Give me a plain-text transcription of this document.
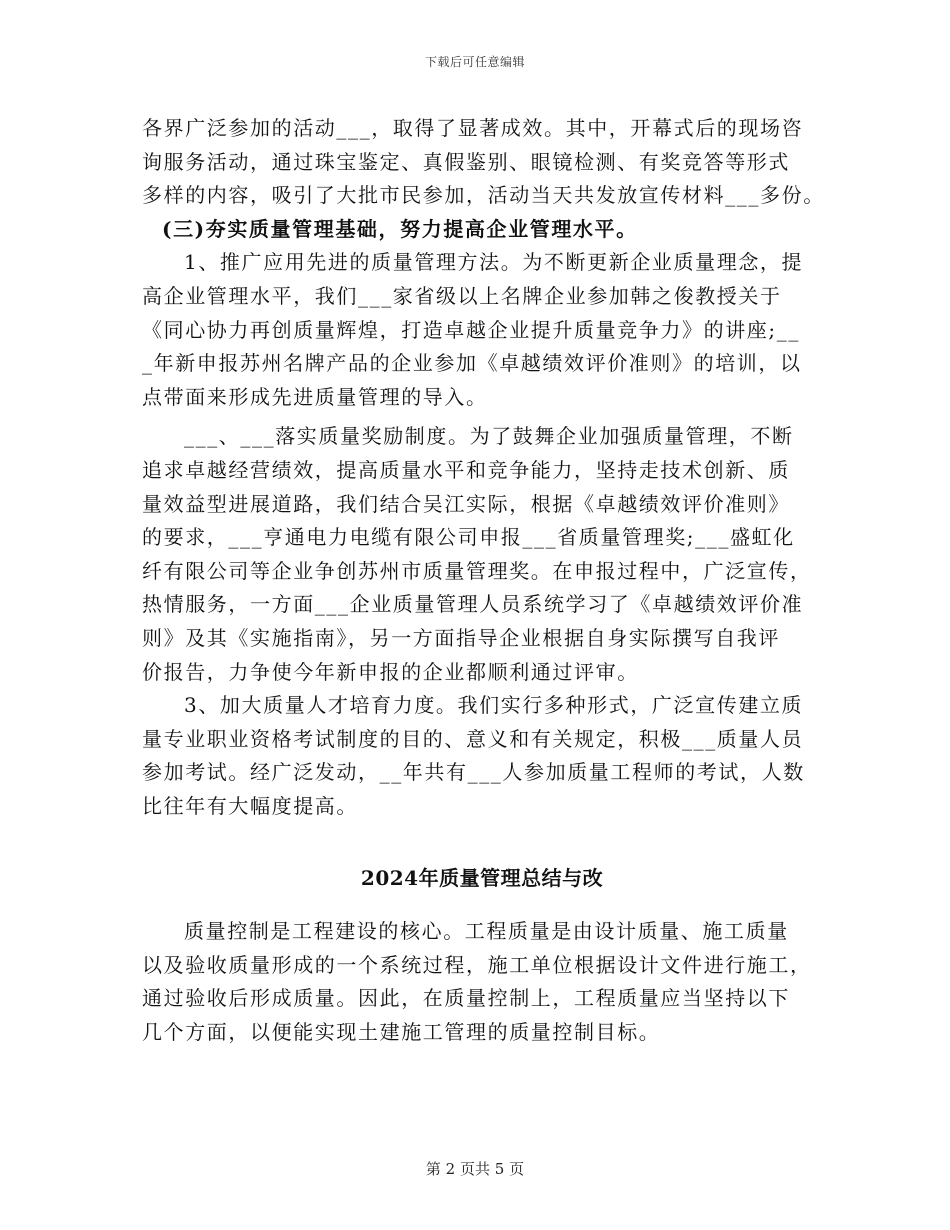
下载后可任意编辑
各界广泛参加的活动___，取得了显著成效。其中，开幕式后的现场咨
询服务活动，通过珠宝鉴定、真假鉴别、眼镜检测、有奖竞答等形式
多样的内容，吸引了大批市民参加，活动当天共发放宣传材料___多份。
(三)夯实质量管理基础，努力提高企业管理水平。
1、推广应用先进的质量管理方法。为不断更新企业质量理念，提
高企业管理水平，我们___家省级以上名牌企业参加韩之俊教授关于
《同心协力再创质量辉煌，打造卓越企业提升质量竞争力》的讲座;__
_年新申报苏州名牌产品的企业参加《卓越绩效评价准则》的培训，以
点带面来形成先进质量管理的导入。
___、___落实质量奖励制度。为了鼓舞企业加强质量管理，不断
追求卓越经营绩效，提高质量水平和竞争能力，坚持走技术创新、质
量效益型进展道路，我们结合吴江实际，根据《卓越绩效评价准则》
的要求，___亨通电力电缆有限公司申报___省质量管理奖;___盛虹化
纤有限公司等企业争创苏州市质量管理奖。在申报过程中，广泛宣传，
热情服务，一方面___企业质量管理人员系统学习了《卓越绩效评价准
则》及其《实施指南》，另一方面指导企业根据自身实际撰写自我评
价报告，力争使今年新申报的企业都顺利通过评审。
3、加大质量人才培育力度。我们实行多种形式，广泛宣传建立质
量专业职业资格考试制度的目的、意义和有关规定，积极___质量人员
参加考试。经广泛发动，__年共有___人参加质量工程师的考试，人数
比往年有大幅度提高。
2024年质量管理总结与改
质量控制是工程建设的核心。工程质量是由设计质量、施工质量
以及验收质量形成的一个系统过程，施工单位根据设计文件进行施工，
通过验收后形成质量。因此，在质量控制上，工程质量应当坚持以下
几个方面，以便能实现土建施工管理的质量控制目标。
第 2 页共 5 页
